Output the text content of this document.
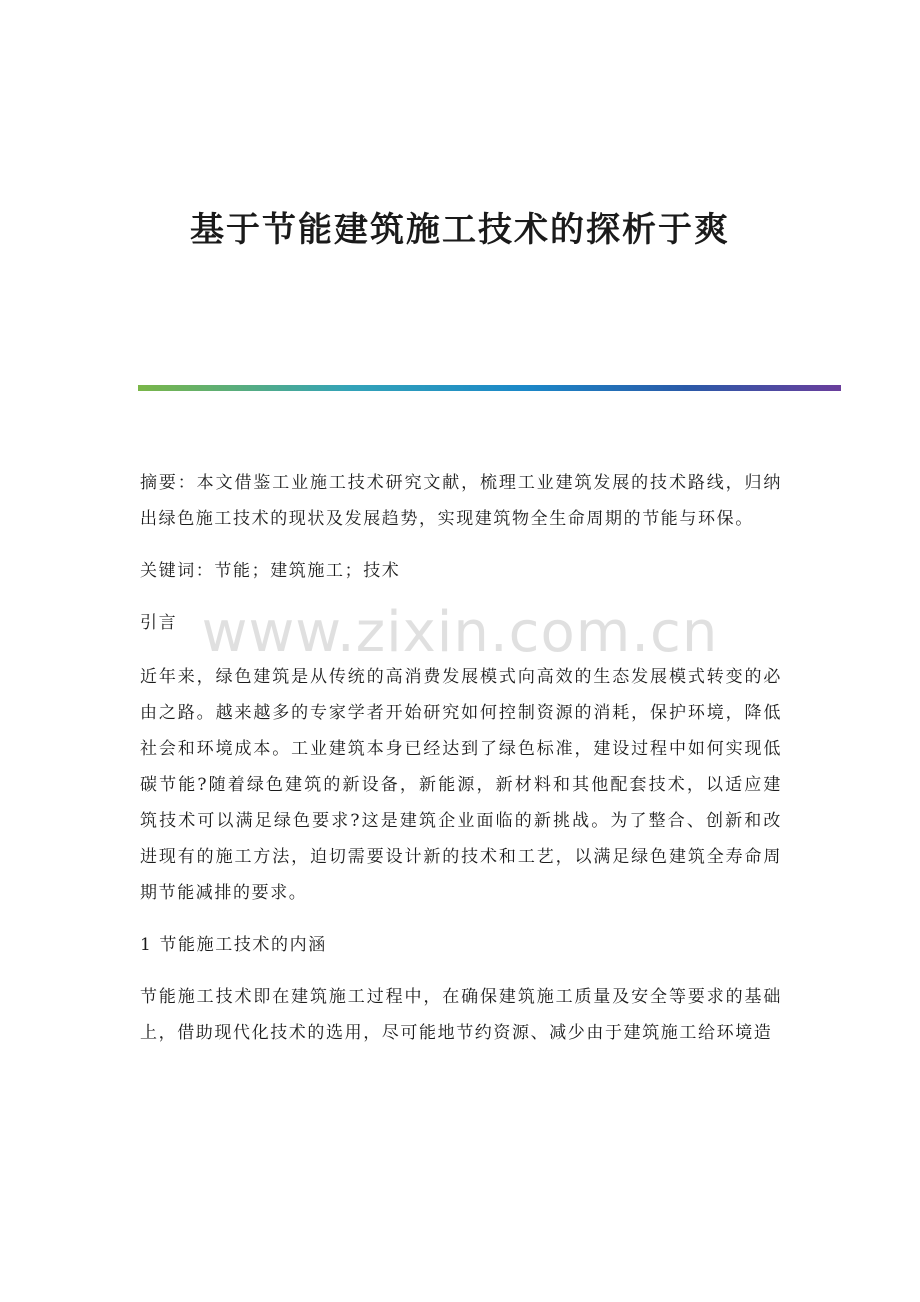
基于节能建筑施工技术的探析于爽
www.zixin.com.cn

摘要：本文借鉴工业施工技术研究文献，梳理工业建筑发展的技术路线，归纳出绿色施工技术的现状及发展趋势，实现建筑物全生命周期的节能与环保。

关键词：节能；建筑施工；技术

引言

近年来，绿色建筑是从传统的高消费发展模式向高效的生态发展模式转变的必由之路。越来越多的专家学者开始研究如何控制资源的消耗，保护环境，降低社会和环境成本。工业建筑本身已经达到了绿色标准，建设过程中如何实现低碳节能?随着绿色建筑的新设备，新能源，新材料和其他配套技术，以适应建筑技术可以满足绿色要求?这是建筑企业面临的新挑战。为了整合、创新和改进现有的施工方法，迫切需要设计新的技术和工艺，以满足绿色建筑全寿命周期节能减排的要求。

1 节能施工技术的内涵

节能施工技术即在建筑施工过程中，在确保建筑施工质量及安全等要求的基础上，借助现代化技术的选用，尽可能地节约资源、减少由于建筑施工给环境造
